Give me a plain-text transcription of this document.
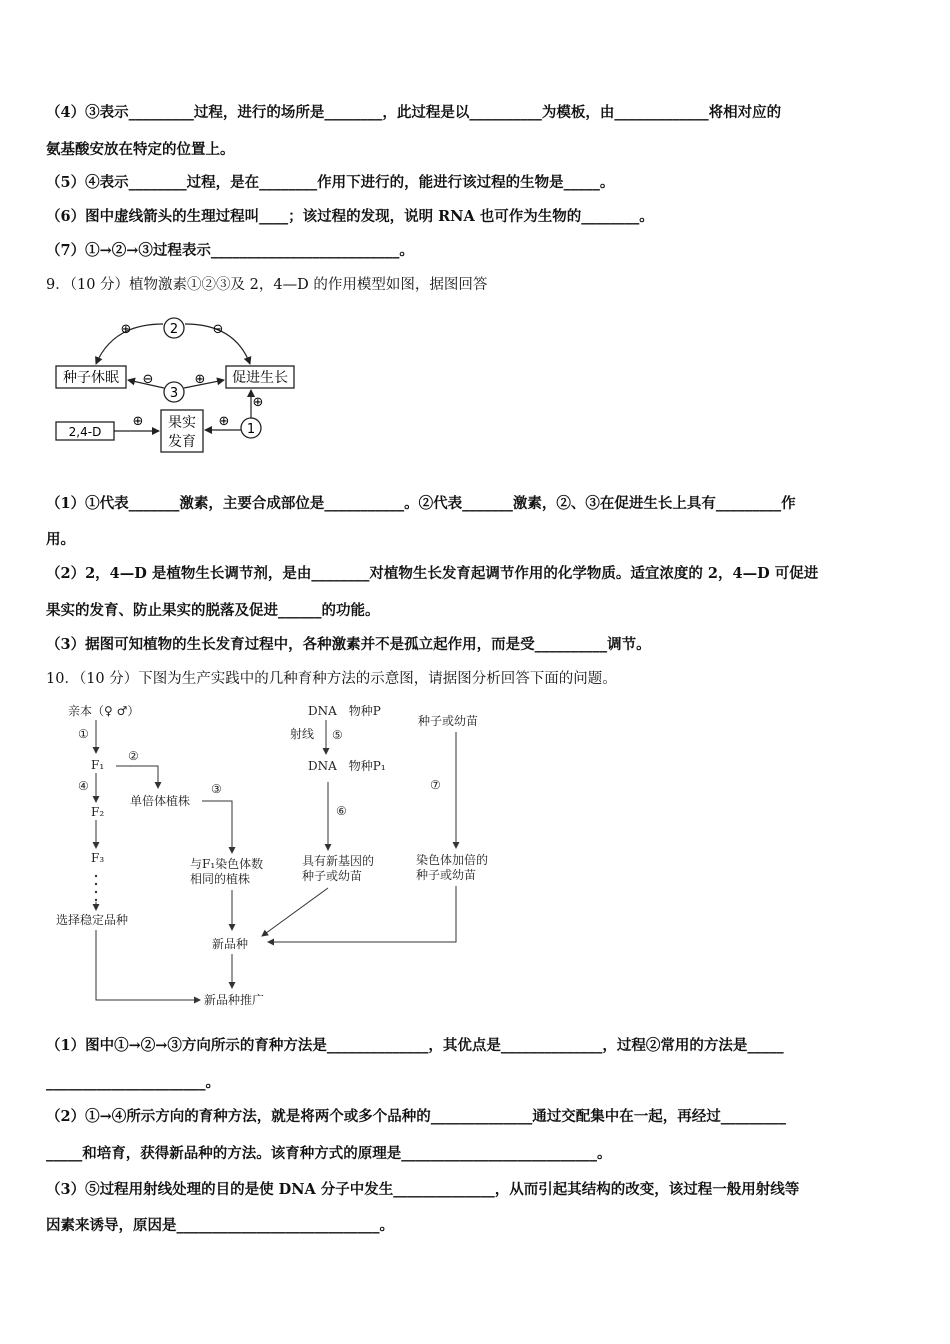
（4）③表示_________过程，进行的场所是________，此过程是以__________为模板，由_____________将相对应的
氨基酸安放在特定的位置上。
（5）④表示________过程，是在________作用下进行的，能进行该过程的生物是_____。
（6）图中虚线箭头的生理过程叫____；该过程的发现，说明 RNA 也可作为生物的________。
（7）①→②→③过程表示__________________________。
9．（10 分）植物激素①②③及 2，4—D 的作用模型如图，据图回答
种子休眠	促进生长
2,4-D
果实
发育
2
3
1
⊕	⊖
⊖	⊕
⊕	⊕
⊕
（1）①代表_______激素，主要合成部位是___________。②代表_______激素，②、③在促进生长上具有_________作
用。
（2）2，4—D 是植物生长调节剂，是由________对植物生长发育起调节作用的化学物质。适宜浓度的 2，4—D 可促进
果实的发育、防止果实的脱落及促进______的功能。
（3）据图可知植物的生长发育过程中，各种激素并不是孤立起作用，而是受__________调节。
10．（10 分）下图为生产实践中的几种育种方法的示意图，请据图分析回答下面的问题。
亲本（♀ ♂）
①
F₁
④
F₂
F₃
选择稳定品种
②
单倍体植株
③
与F₁染色体数
相同的植株
DNA　物种P
射线 ⑤
DNA　物种P₁
⑥
具有新基因的
种子或幼苗
种子或幼苗
⑦
染色体加倍的
种子或幼苗
新品种
新品种推广
（1）图中①→②→③方向所示的育种方法是______________，其优点是______________，过程②常用的方法是_____
______________________。
（2）①→④所示方向的育种方法，就是将两个或多个品种的______________通过交配集中在一起，再经过_________
_____和培育，获得新品种的方法。该育种方式的原理是___________________________。
（3）⑤过程用射线处理的目的是使 DNA 分子中发生______________，从而引起其结构的改变，该过程一般用射线等
因素来诱导，原因是____________________________。
